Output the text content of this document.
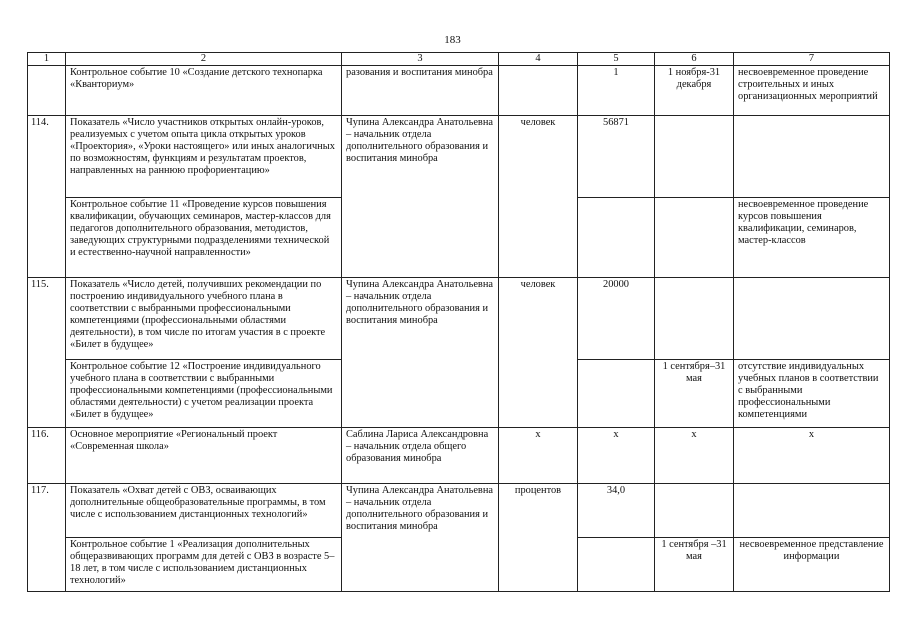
183
1	2	3	4	5	6	7
	Контрольное событие 10 «Создание детского технопарка «Кванториум»	разования и воспитания минобра		1	1 ноября-31 декабря	несвоевременное проведение строительных и иных организационных мероприятий
114.	Показатель «Число участников открытых онлайн-уроков, реализуемых с учетом опыта цикла открытых уроков «Проектория», «Уроки настоящего» или иных аналогичных по возможностям, функциям и результатам проектов, направленных на раннюю профориентацию»	Чупина Александра Анатольевна – начальник отдела дополнительного образования и воспитания минобра	человек	56871		
	Контрольное событие 11 «Проведение курсов повышения квалификации, обучающих семинаров, мастер-классов для педагогов дополнительного образования, методистов, заведующих структурными подразделениями технической и естественно-научной направленности»					несвоевременное проведение курсов повышения квалификации, семинаров, мастер-классов
115.	Показатель «Число детей, получивших рекомендации по построению индивидуального учебного плана в соответствии с выбранными профессиональными компетенциями (профессиональными областями деятельности), в том числе по итогам участия в с проекте «Билет в будущее»	Чупина Александра Анатольевна – начальник отдела дополнительного образования и воспитания минобра	человек	20000		
	Контрольное событие 12 «Построение индивидуального учебного плана в соответствии с выбранными профессиональными компетенциями (профессиональными областями деятельности) с учетом реализации проекта «Билет в будущее»				1 сентября–31 мая	отсутствие индивидуальных учебных планов в соответствии с выбранными профессиональными компетенциями
116.	Основное мероприятие «Региональный проект «Современная школа»	Саблина Лариса Александровна – начальник отдела общего образования минобра	x	x	x	x
117.	Показатель «Охват детей с ОВЗ, осваивающих дополнительные общеобразовательные программы, в том числе с использованием дистанционных технологий»	Чупина Александра Анатольевна – начальник отдела дополнительного образования и воспитания минобра	процентов	34,0		
	Контрольное событие 1 «Реализация дополнительных общеразвивающих программ для детей с ОВЗ в возрасте 5–18 лет, в том числе с использованием дистанционных технологий»				1 сентября –31 мая	несвоевременное представление информации
